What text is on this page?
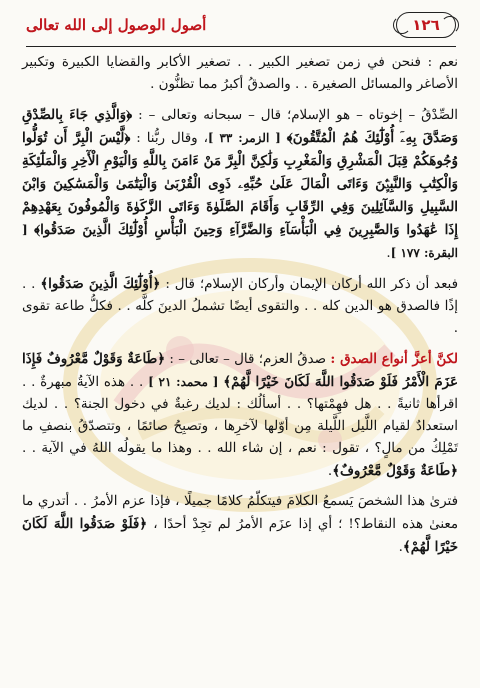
١٢٦
أصول الوصول إلى الله تعالى

نعم : فنحن في زمن تصغير الكبير . . تصغير الأكابر والقضايا الكبيرة وتكبير الأصاغر والمسائل الصغيرة . . والصدقُ أكبرُ مما تظنُّون .

الصِّدْقُ – إخوتاه – هو الإسلام؛ قال – سبحانه وتعالى – : ﴿وَالَّذِي جَاءَ بِالصِّدْقِ وَصَدَّقَ بِهِۦٓ أُوْلَٰٓئِكَ هُمُ الْمُتَّقُونَ﴾ [ الزمر: ٣٣ ]، وقال ربُّنا : ﴿لَّيْسَ الْبِرَّ أَن تُوَلُّوا وُجُوهَكُمْ قِبَلَ الْمَشْرِقِ وَالْمَغْرِبِ وَلَٰكِنَّ الْبِرَّ مَنْ ءَامَنَ بِاللَّهِ وَالْيَوْمِ الْأٓخِرِ وَالْمَلَٰٓئِكَةِ وَالْكِتَٰبِ وَالنَّبِيِّۧنَ وَءَاتَى الْمَالَ عَلَىٰ حُبِّهِۦ ذَوِى الْقُرْبَىٰ وَالْيَتَٰمَىٰ وَالْمَسَٰكِينَ وَابْنَ السَّبِيلِ وَالسَّآئِلِينَ وَفِي الرِّقَابِ وَأَقَامَ الصَّلَوٰةَ وَءَاتَى الزَّكَوٰةَ وَالْمُوفُونَ بِعَهْدِهِمْ إِذَا عَٰهَدُوا وَالصَّٰبِرِينَ فِي الْبَأْسَآءِ وَالضَّرَّآءِ وَحِينَ الْبَأْسِ أُوْلَٰٓئِكَ الَّذِينَ صَدَقُوا﴾ [ البقرة: ١٧٧ ].

فبعد أن ذكر الله أركان الإيمان وأركان الإسلام؛ قال : ﴿أُوْلَٰٓئِكَ الَّذِينَ صَدَقُوا﴾ . . إذًا فالصدق هو الدين كله . . والتقوى أيضًا تشملُ الدينَ كلَّه . . فكلُّ طاعة تقوى .

لكنَّ أعزَّ أنواع الصدق : صدقُ العزم؛ قال – تعالى – : ﴿طَاعَةٌ وَقَوْلٌ مَّعْرُوفٌ فَإِذَا عَزَمَ الْأَمْرُ فَلَوْ صَدَقُوا اللَّهَ لَكَانَ خَيْرًا لَّهُمْ﴾ [ محمد: ٢١ ] . . هذه الآيةُ مبهرةٌ . . اقرأها ثانيةً . . هل فهِمْتها؟ . . أسألُك : لديك رغبةٌ في دخول الجنة؟ . . لديك استعدادٌ لقيام اللَّيل اللَّيلة مِن أوّلها لآخرِها ، وتصبِحُ صائمًا ، وتتصدّقُ بنصفِ ما تَمْلِكُ من مالٍ؟ ، تقول : نعم ، إن شاء الله . . وهذا ما يقولُه اللهُ في الآية . . ﴿طَاعَةٌ وَقَوْلٌ مَّعْرُوفٌ﴾.

فترىٰ هذا الشخصَ يَسمعُ الكلامَ فيتكلّمُ كلامًا جميلًا ، فإذا عزم الأمرُ . . أتدري ما معنىٰ هذه النقاط؟! ؛ أي إذا عزَم الأمرُ لم تجِدْ أحدًا ، ﴿فَلَوْ صَدَقُوا اللَّهَ لَكَانَ خَيْرًا لَّهُمْ﴾.
